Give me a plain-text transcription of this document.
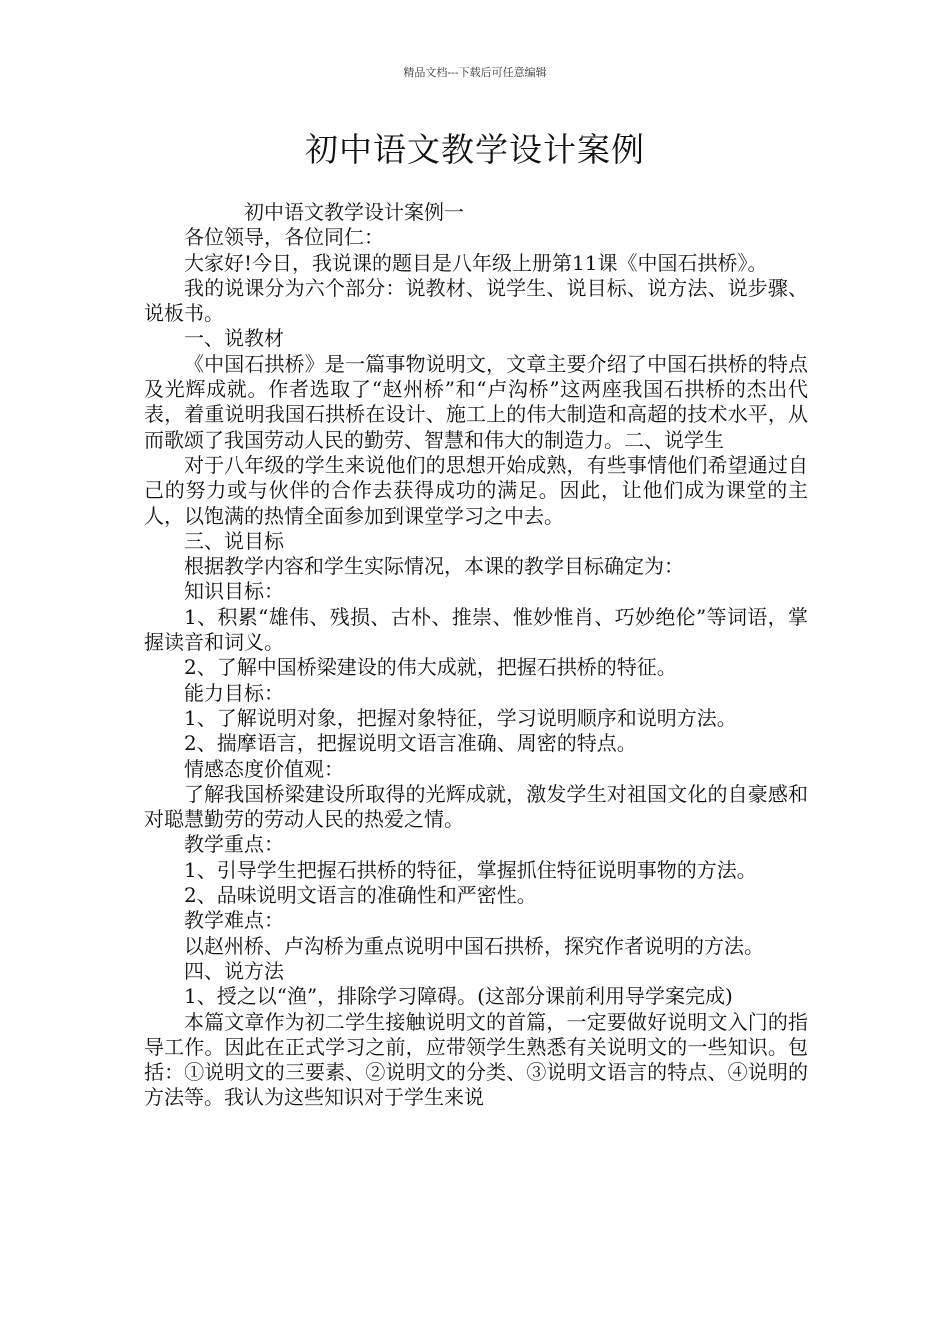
精品文档---下载后可任意编辑
初中语文教学设计案例

初中语文教学设计案例一

各位领导，各位同仁：

大家好!今日，我说课的题目是八年级上册第11课《中国石拱桥》。

我的说课分为六个部分：说教材、说学生、说目标、说方法、说步骤、说板书。

一、说教材

《中国石拱桥》是一篇事物说明文，文章主要介绍了中国石拱桥的特点及光辉成就。作者选取了“赵州桥”和“卢沟桥”这两座我国石拱桥的杰出代表，着重说明我国石拱桥在设计、施工上的伟大制造和高超的技术水平，从而歌颂了我国劳动人民的勤劳、智慧和伟大的制造力。二、说学生

对于八年级的学生来说他们的思想开始成熟，有些事情他们希望通过自己的努力或与伙伴的合作去获得成功的满足。因此，让他们成为课堂的主人，以饱满的热情全面参加到课堂学习之中去。

三、说目标

根据教学内容和学生实际情况，本课的教学目标确定为：

知识目标：

1、积累“雄伟、残损、古朴、推崇、惟妙惟肖、巧妙绝伦”等词语，掌握读音和词义。

2、了解中国桥梁建设的伟大成就，把握石拱桥的特征。

能力目标：

1、了解说明对象，把握对象特征，学习说明顺序和说明方法。

2、揣摩语言，把握说明文语言准确、周密的特点。

情感态度价值观：

了解我国桥梁建设所取得的光辉成就，激发学生对祖国文化的自豪感和对聪慧勤劳的劳动人民的热爱之情。

教学重点：

1、引导学生把握石拱桥的特征，掌握抓住特征说明事物的方法。

2、品味说明文语言的准确性和严密性。

教学难点：

以赵州桥、卢沟桥为重点说明中国石拱桥，探究作者说明的方法。

四、说方法

1、授之以“渔”，排除学习障碍。(这部分课前利用导学案完成)

本篇文章作为初二学生接触说明文的首篇，一定要做好说明文入门的指导工作。因此在正式学习之前，应带领学生熟悉有关说明文的一些知识。包括：①说明文的三要素、②说明文的分类、③说明文语言的特点、④说明的方法等。我认为这些知识对于学生来说
